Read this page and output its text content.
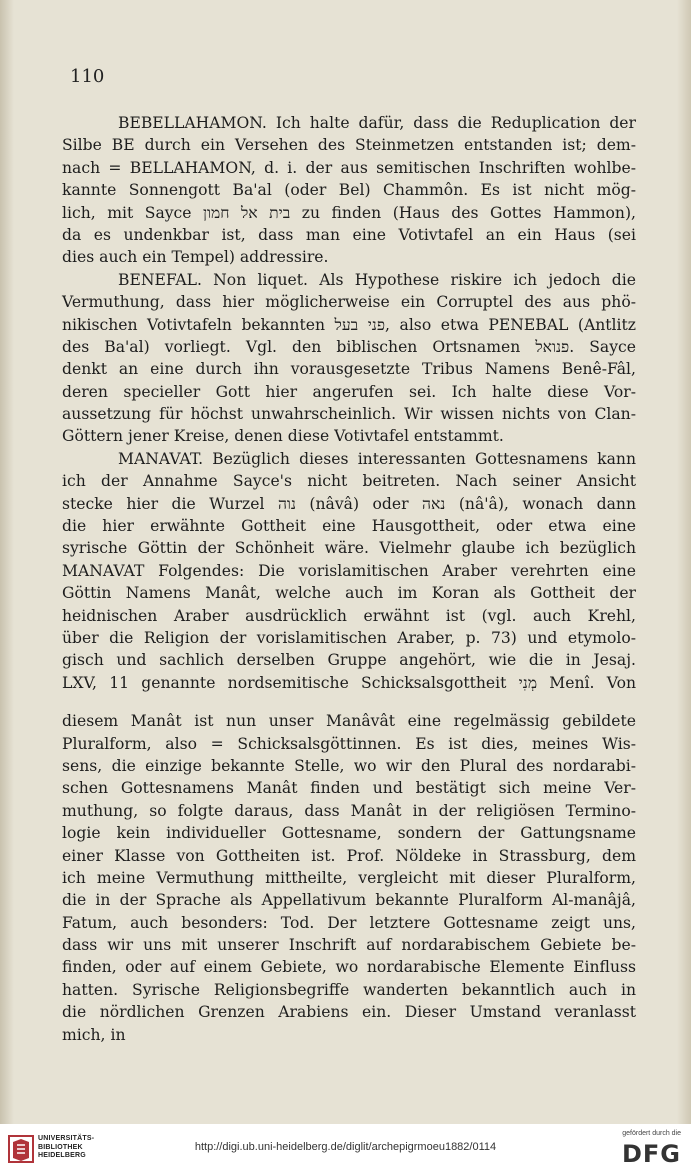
110
BEBELLAHAMON. Ich halte dafür, dass die Reduplication der
Silbe BE durch ein Versehen des Steinmetzen entstanden ist; dem-
nach = BELLAHAMON, d. i. der aus semitischen Inschriften wohlbe-
kannte Sonnengott Ba'al (oder Bel) Chammôn. Es ist nicht mög-
lich, mit Sayce בית אל חמון zu finden (Haus des Gottes Hammon),
da es undenkbar ist, dass man eine Votivtafel an ein Haus (sei
dies auch ein Tempel) addressire.
BENEFAL. Non liquet. Als Hypothese riskire ich jedoch die
Vermuthung, dass hier möglicherweise ein Corruptel des aus phö-
nikischen Votivtafeln bekannten פני בעל, also etwa PENEBAL (Antlitz
des Ba'al) vorliegt. Vgl. den biblischen Ortsnamen פנואל. Sayce
denkt an eine durch ihn vorausgesetzte Tribus Namens Benê-Fâl,
deren specieller Gott hier angerufen sei. Ich halte diese Vor-
aussetzung für höchst unwahrscheinlich. Wir wissen nichts von Clan-
Göttern jener Kreise, denen diese Votivtafel entstammt.
MANAVAT. Bezüglich dieses interessanten Gottesnamens kann
ich der Annahme Sayce's nicht beitreten. Nach seiner Ansicht
stecke hier die Wurzel נוה (nâvâ) oder נאה (nâ'â), wonach dann
die hier erwähnte Gottheit eine Hausgottheit, oder etwa eine
syrische Göttin der Schönheit wäre. Vielmehr glaube ich bezüglich
MANAVAT Folgendes: Die vorislamitischen Araber verehrten eine
Göttin Namens Manât, welche auch im Koran als Gottheit der
heidnischen Araber ausdrücklich erwähnt ist (vgl. auch Krehl,
über die Religion der vorislamitischen Araber, p. 73) und etymolo-
gisch und sachlich derselben Gruppe angehört, wie die in Jesaj.
LXV, 11 genannte nordsemitische Schicksalsgottheit מְנִי Menî. Von
diesem Manât ist nun unser Manâvât eine regelmässig gebildete
Pluralform, also = Schicksalsgöttinnen. Es ist dies, meines Wis-
sens, die einzige bekannte Stelle, wo wir den Plural des nordarabi-
schen Gottesnamens Manât finden und bestätigt sich meine Ver-
muthung, so folgte daraus, dass Manât in der religiösen Termino-
logie kein individueller Gottesname, sondern der Gattungsname
einer Klasse von Gottheiten ist. Prof. Nöldeke in Strassburg, dem
ich meine Vermuthung mittheilte, vergleicht mit dieser Pluralform,
die in der Sprache als Appellativum bekannte Pluralform Al-manâjâ,
Fatum, auch besonders: Tod. Der letztere Gottesname zeigt uns,
dass wir uns mit unserer Inschrift auf nordarabischem Gebiete be-
finden, oder auf einem Gebiete, wo nordarabische Elemente Einfluss
hatten. Syrische Religionsbegriffe wanderten bekanntlich auch in
die nördlichen Grenzen Arabiens ein. Dieser Umstand veranlasst
mich, in
UNIVERSITÄTS-
BIBLIOTHEK
HEIDELBERG
http://digi.ub.uni-heidelberg.de/diglit/archepigrmoeu1882/0114
gefördert durch die
DFG
